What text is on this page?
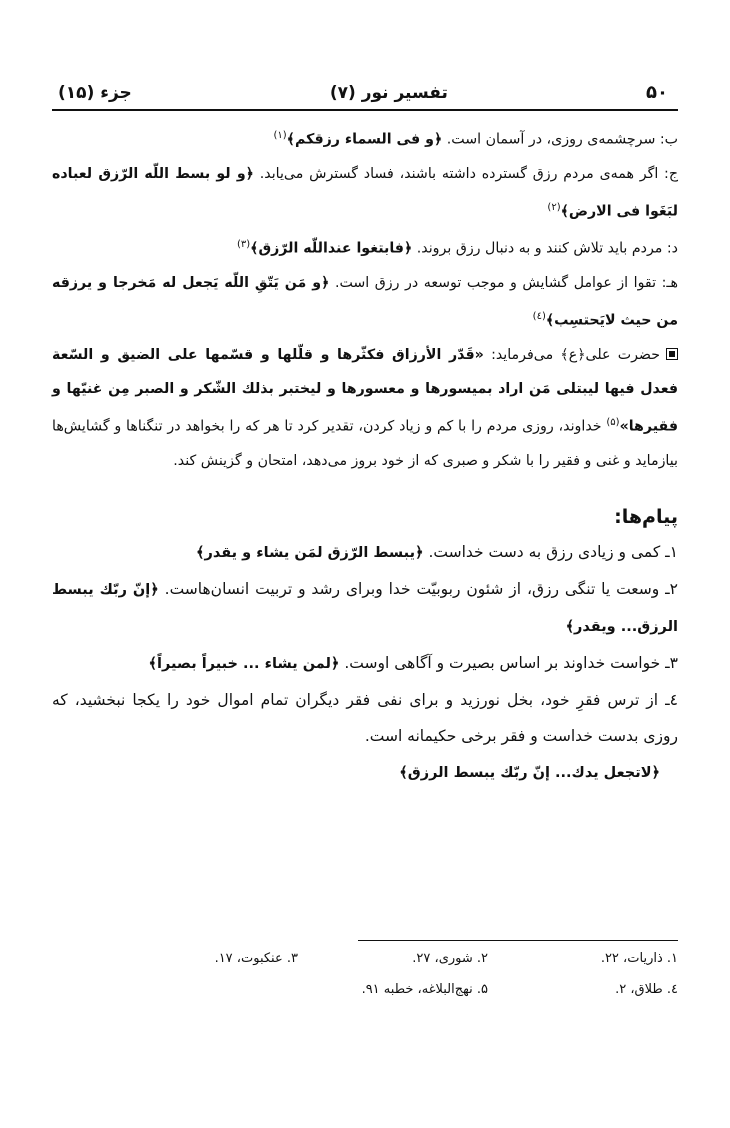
۵۰
تفسیر نور (۷)
جزء (۱۵)

ب: سرچشمه‌ی روزی، در آسمان است. ﴿و فی السماء رزقکم﴾$^{(۱)}$

ج: اگر همه‌ی مردم رزق گسترده داشته باشند، فساد گسترش می‌یابد. ﴿و لو بسط اللّه الرّزق لعباده لبَغَوا فی الارض﴾$^{(۲)}$

د: مردم باید تلاش کنند و به دنبال رزق بروند. ﴿فابتغوا عنداللّه الرّزق﴾$^{(۳)}$

هـ: تقوا از عوامل گشایش و موجب توسعه در رزق است. ﴿و مَن یَتّقِ اللّه یَجعل له مَخرجا و یرزقه من حیث لایَحتسِب﴾$^{(٤)}$

حضرت علی﴿ع﴾ می‌فرماید: «قَدّر الأرزاق فکثّرها و قلّلها و قسّمها علی الضیق و السّعة فعدل فیها لیبتلی مَن اراد بمیسورها و معسورها و لیختبر بذلك الشّکر و الصبر مِن غنیّها و فقیرها»$^{(۵)}$ خداوند، روزی مردم را با کم و زیاد کردن، تقدیر کرد تا هر که را بخواهد در تنگناها و گشایش‌ها بیازماید و غنی و فقیر را با شکر و صبری که از خود بروز می‌دهد، امتحان و گزینش کند.

پیام‌ها:

۱ـ کمی و زیادی رزق به دست خداست. ﴿یبسط الرّزق لمَن یشاء و یقدر﴾

۲ـ وسعت یا تنگی رزق، از شئون ربوبیّت خدا وبرای رشد و تربیت انسان‌هاست. ﴿إنّ ربّك یبسط الرزق... ویقدر﴾

۳ـ خواست خداوند بر اساس بصیرت و آگاهی اوست. ﴿لمن یشاء ... خبیراً بصیراً﴾

٤ـ از ترس فقرِ خود، بخل نورزید و برای نفی فقر دیگران تمام اموال خود را یکجا نبخشید، که روزی بدست خداست و فقر برخی حکیمانه است.

﴿لاتجعل یدك... إنّ ربّك یبسط الرزق﴾

۱. ذاریات، ۲۲.
۲. شوری، ۲۷.
۳. عنکبوت، ۱۷.
٤. طلاق، ۲.
۵. نهج‌البلاغه، خطبه ۹۱.
